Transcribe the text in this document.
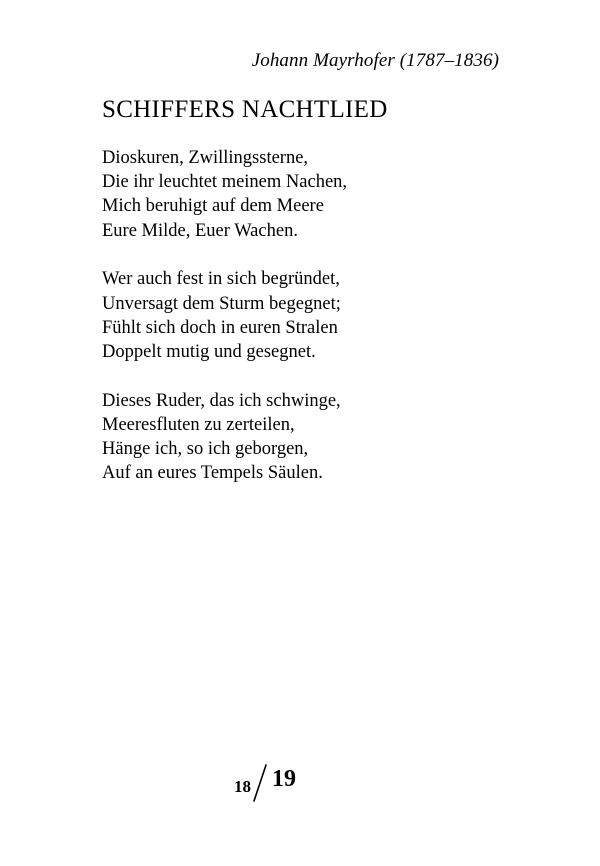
Johann Mayrhofer (1787–1836)
SCHIFFERS NACHTLIED
Dioskuren, Zwillingssterne,
Die ihr leuchtet meinem Nachen,
Mich beruhigt auf dem Meere
Eure Milde, Euer Wachen.
Wer auch fest in sich begründet,
Unversagt dem Sturm begegnet;
Fühlt sich doch in euren Stralen
Doppelt mutig und gesegnet.
Dieses Ruder, das ich schwinge,
Meeresfluten zu zerteilen,
Hänge ich, so ich geborgen,
Auf an eures Tempels Säulen.
18 19
